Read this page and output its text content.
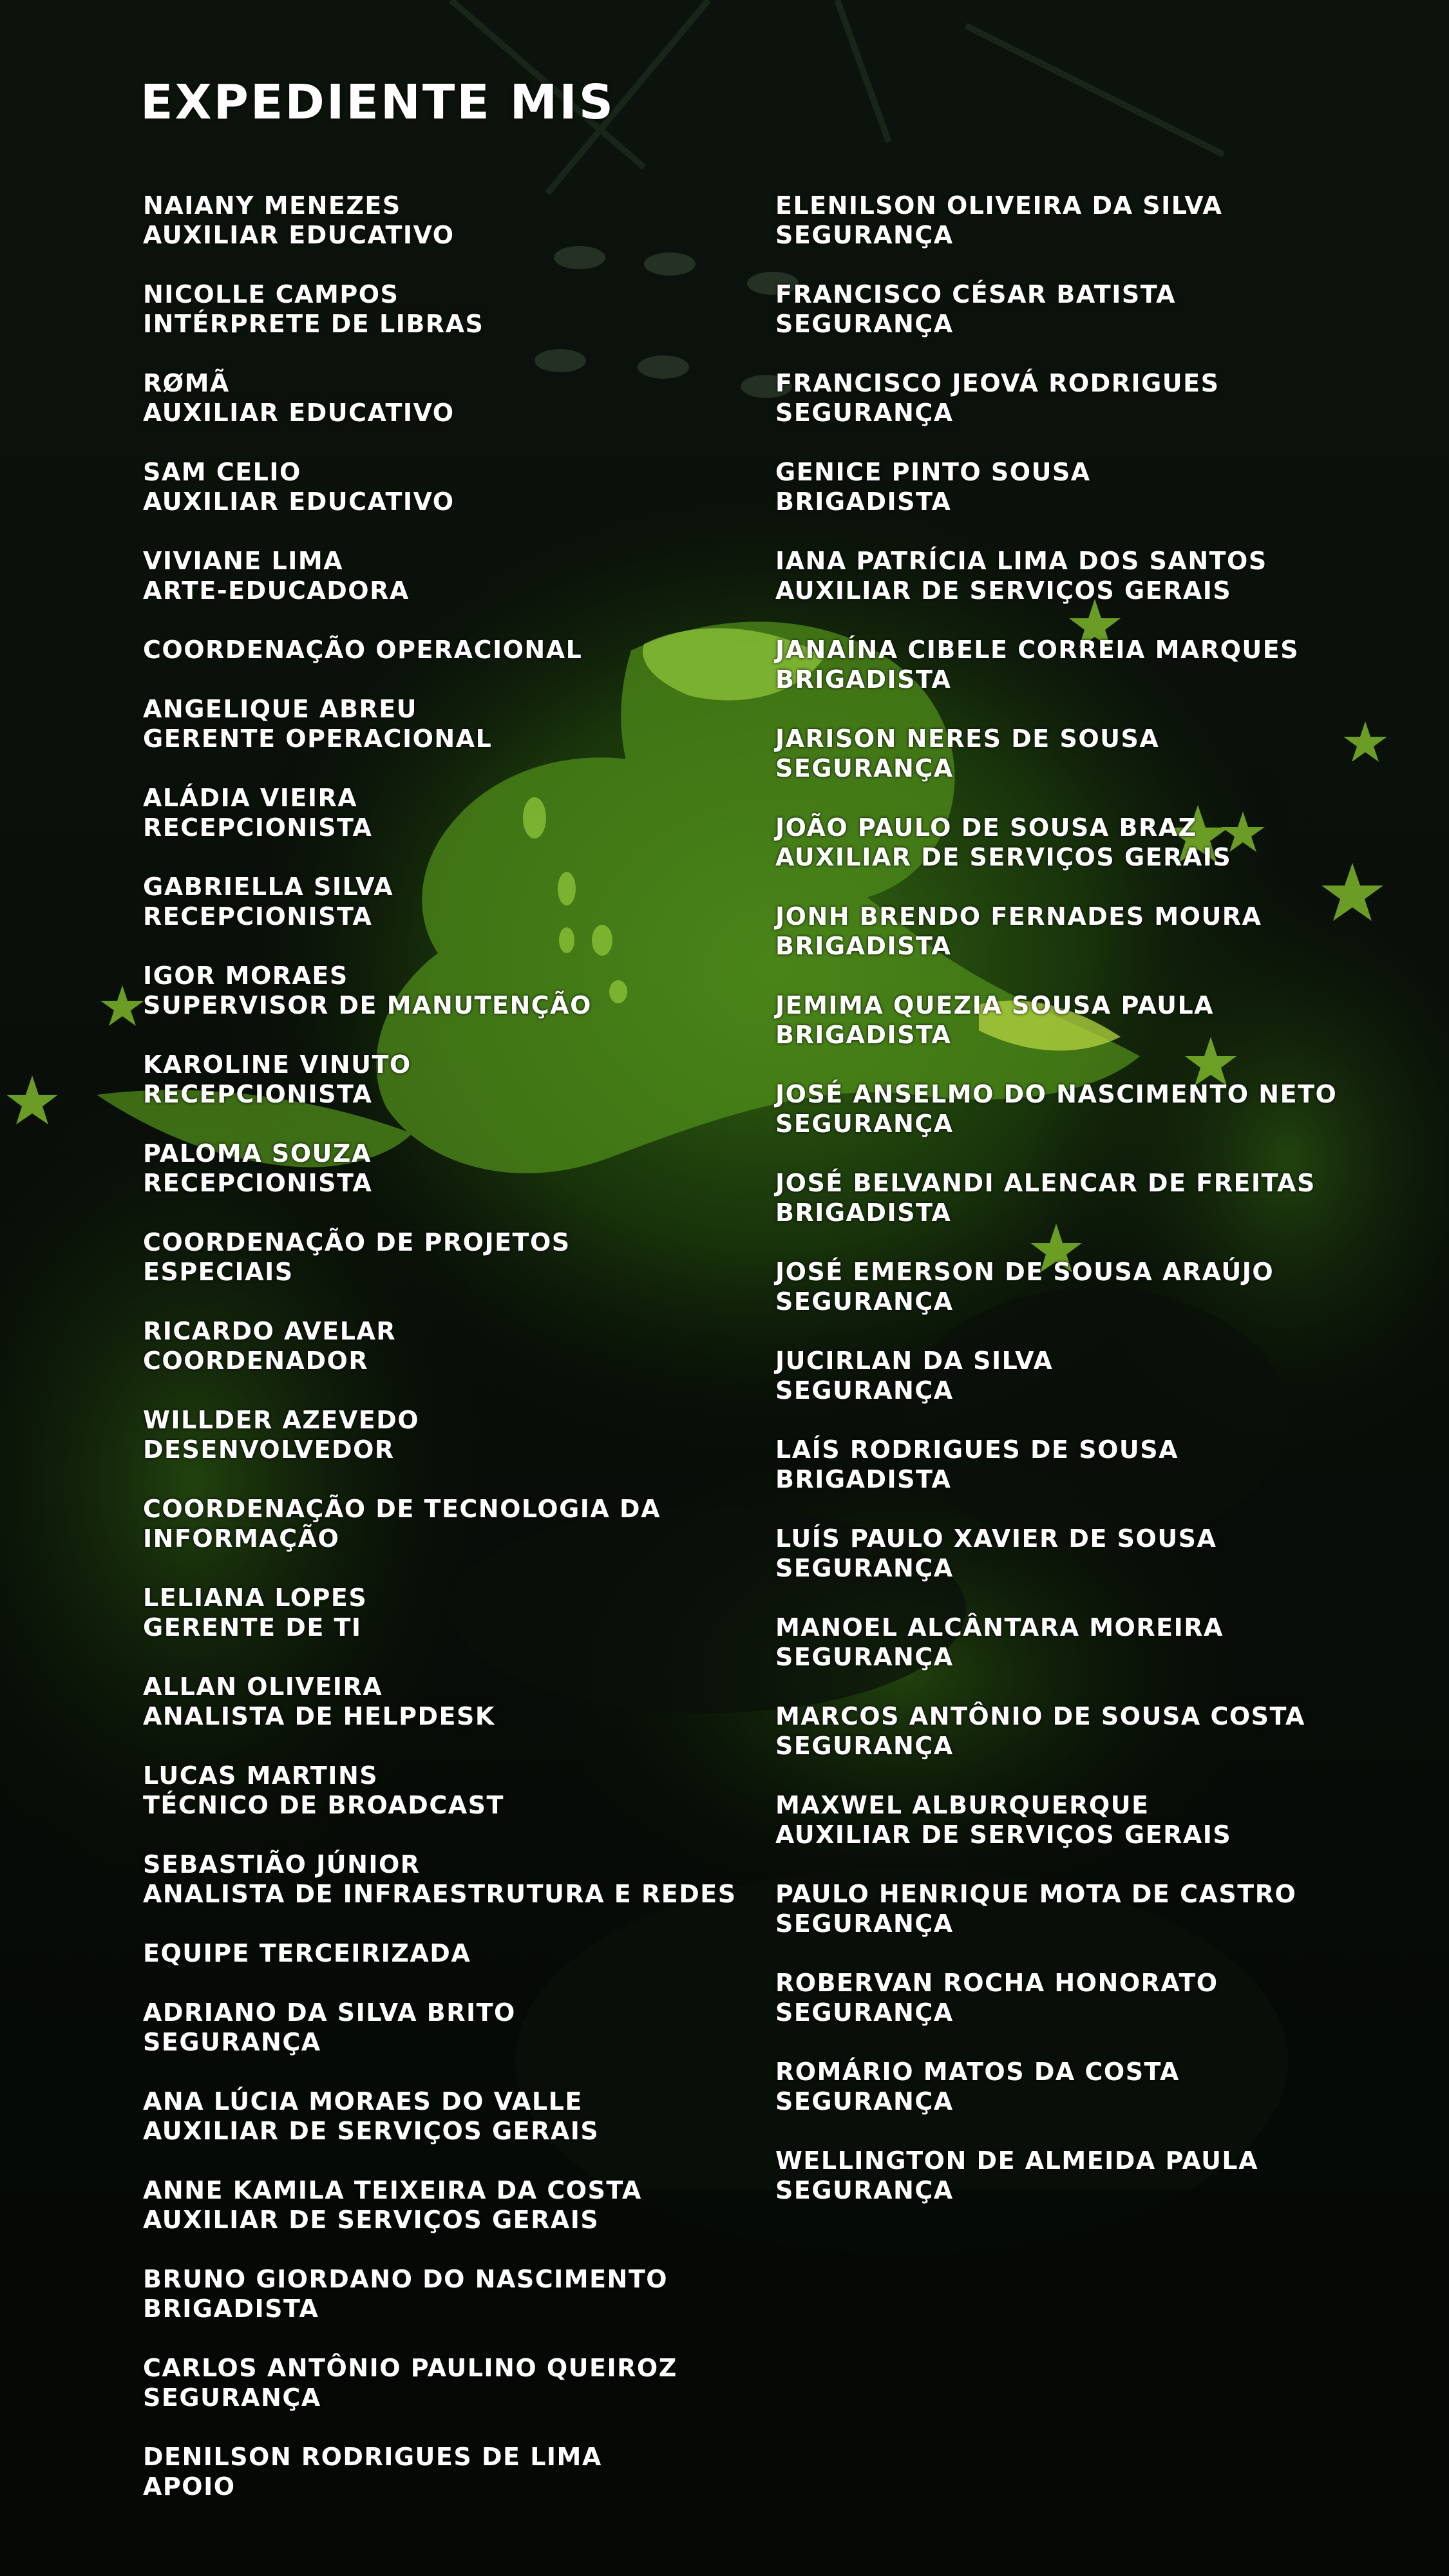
EXPEDIENTE MIS
NAIANY MENEZES
AUXILIAR EDUCATIVO
NICOLLE CAMPOS
INTÉRPRETE DE LIBRAS
RØMÃ
AUXILIAR EDUCATIVO
SAM CELIO
AUXILIAR EDUCATIVO
VIVIANE LIMA
ARTE-EDUCADORA
COORDENAÇÃO OPERACIONAL
ANGELIQUE ABREU
GERENTE OPERACIONAL
ALÁDIA VIEIRA
RECEPCIONISTA
GABRIELLA SILVA
RECEPCIONISTA
IGOR MORAES
SUPERVISOR DE MANUTENÇÃO
KAROLINE VINUTO
RECEPCIONISTA
PALOMA SOUZA
RECEPCIONISTA
COORDENAÇÃO DE PROJETOS ESPECIAIS
RICARDO AVELAR
COORDENADOR
WILLDER AZEVEDO
DESENVOLVEDOR
COORDENAÇÃO DE TECNOLOGIA DA
INFORMAÇÃO
LELIANA LOPES
GERENTE DE TI
ALLAN OLIVEIRA
ANALISTA DE HELPDESK
LUCAS MARTINS
TÉCNICO DE BROADCAST
SEBASTIÃO JÚNIOR
ANALISTA DE INFRAESTRUTURA E REDES
EQUIPE TERCEIRIZADA
ADRIANO DA SILVA BRITO
SEGURANÇA
ANA LÚCIA MORAES DO VALLE
AUXILIAR DE SERVIÇOS GERAIS
ANNE KAMILA TEIXEIRA DA COSTA
AUXILIAR DE SERVIÇOS GERAIS
BRUNO GIORDANO DO NASCIMENTO
BRIGADISTA
CARLOS ANTÔNIO PAULINO QUEIROZ
SEGURANÇA
DENILSON RODRIGUES DE LIMA
APOIO
ELENILSON OLIVEIRA DA SILVA
SEGURANÇA
FRANCISCO CÉSAR BATISTA
SEGURANÇA
FRANCISCO JEOVÁ RODRIGUES
SEGURANÇA
GENICE PINTO SOUSA
BRIGADISTA
IANA PATRÍCIA LIMA DOS SANTOS
AUXILIAR DE SERVIÇOS GERAIS
JANAÍNA CIBELE CORREIA MARQUES
BRIGADISTA
JARISON NERES DE SOUSA
SEGURANÇA
JOÃO PAULO DE SOUSA BRAZ
AUXILIAR DE SERVIÇOS GERAIS
JONH BRENDO FERNADES MOURA
BRIGADISTA
JEMIMA QUEZIA SOUSA PAULA
BRIGADISTA
JOSÉ ANSELMO DO NASCIMENTO NETO
SEGURANÇA
JOSÉ BELVANDI ALENCAR DE FREITAS
BRIGADISTA
JOSÉ EMERSON DE SOUSA ARAÚJO
SEGURANÇA
JUCIRLAN DA SILVA
SEGURANÇA
LAÍS RODRIGUES DE SOUSA
BRIGADISTA
LUÍS PAULO XAVIER DE SOUSA
SEGURANÇA
MANOEL ALCÂNTARA MOREIRA
SEGURANÇA
MARCOS ANTÔNIO DE SOUSA COSTA
SEGURANÇA
MAXWEL ALBURQUERQUE
AUXILIAR DE SERVIÇOS GERAIS
PAULO HENRIQUE MOTA DE CASTRO
SEGURANÇA
ROBERVAN ROCHA HONORATO
SEGURANÇA
ROMÁRIO MATOS DA COSTA
SEGURANÇA
WELLINGTON DE ALMEIDA PAULA
SEGURANÇA
